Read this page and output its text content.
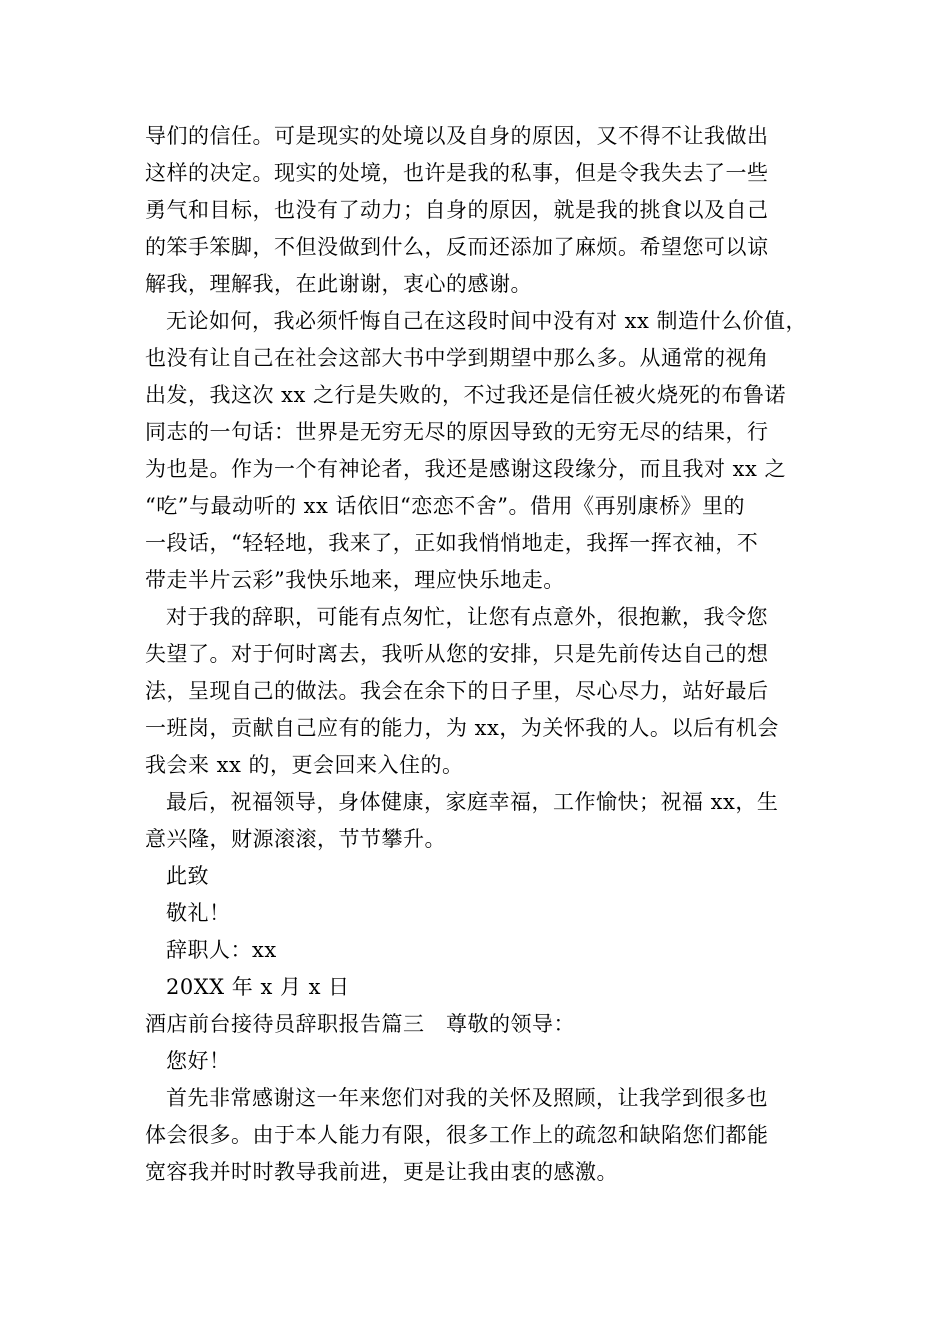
导们的信任。可是现实的处境以及自身的原因，又不得不让我做出
这样的决定。现实的处境，也许是我的私事，但是令我失去了一些
勇气和目标，也没有了动力；自身的原因，就是我的挑食以及自己
的笨手笨脚，不但没做到什么，反而还添加了麻烦。希望您可以谅
解我，理解我，在此谢谢，衷心的感谢。
无论如何，我必须忏悔自己在这段时间中没有对 xx 制造什么价值，
也没有让自己在社会这部大书中学到期望中那么多。从通常的视角
出发，我这次 xx 之行是失败的，不过我还是信任被火烧死的布鲁诺
同志的一句话：世界是无穷无尽的原因导致的无穷无尽的结果，行
为也是。作为一个有神论者，我还是感谢这段缘分，而且我对 xx 之
“吃”与最动听的 xx 话依旧“恋恋不舍”。借用《再别康桥》里的
一段话，“轻轻地，我来了，正如我悄悄地走，我挥一挥衣袖，不
带走半片云彩”我快乐地来，理应快乐地走。
对于我的辞职，可能有点匆忙，让您有点意外，很抱歉，我令您
失望了。对于何时离去，我听从您的安排，只是先前传达自己的想
法，呈现自己的做法。我会在余下的日子里，尽心尽力，站好最后
一班岗，贡献自己应有的能力，为 xx，为关怀我的人。以后有机会
我会来 xx 的，更会回来入住的。
最后，祝福领导，身体健康，家庭幸福，工作愉快；祝福 xx，生
意兴隆，财源滚滚，节节攀升。
此致
敬礼！
辞职人：xx
20XX 年 x 月 x 日
酒店前台接待员辞职报告篇三　尊敬的领导：
您好！
首先非常感谢这一年来您们对我的关怀及照顾，让我学到很多也
体会很多。由于本人能力有限，很多工作上的疏忽和缺陷您们都能
宽容我并时时教导我前进，更是让我由衷的感激。
